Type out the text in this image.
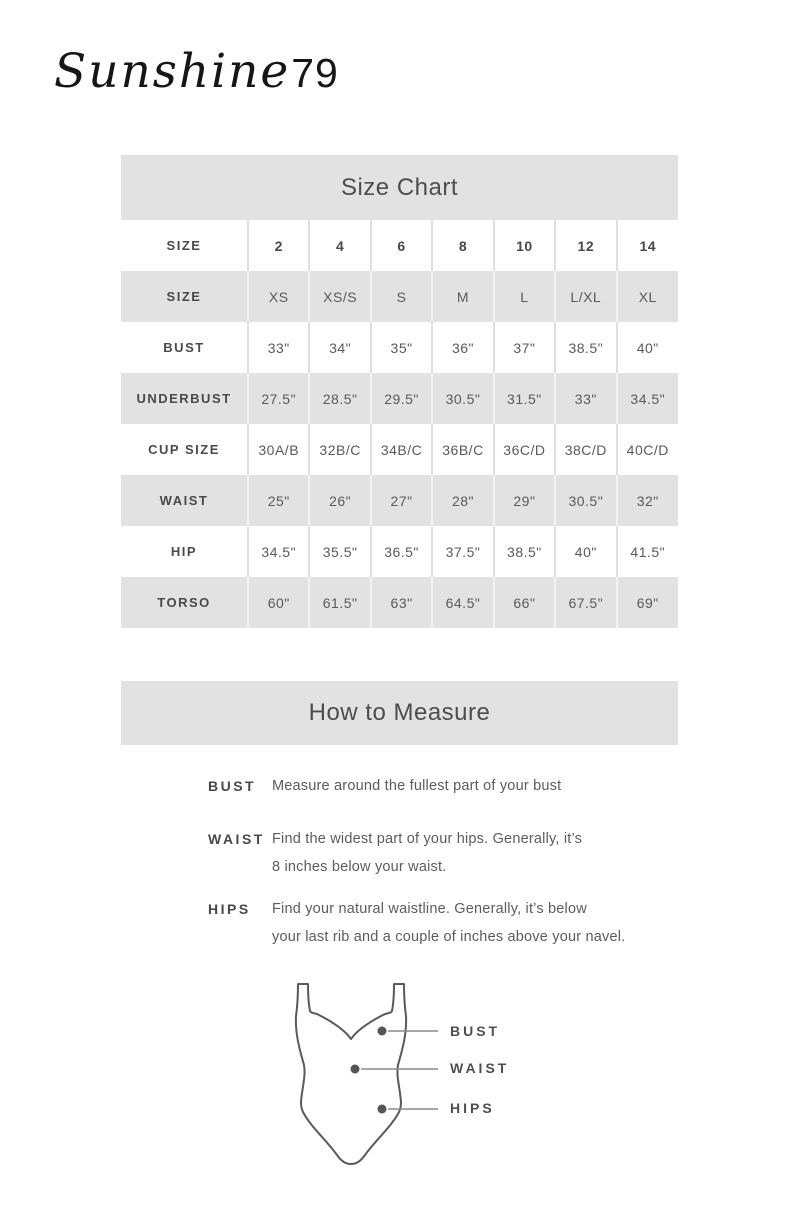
Sunshine79
Size Chart
SIZE	2	4	6	8	10	12	14
SIZE	XS	XS/S	S	M	L	L/XL	XL
BUST	33"	34"	35"	36"	37"	38.5"	40"
UNDERBUST	27.5"	28.5"	29.5"	30.5"	31.5"	33"	34.5"
CUP SIZE	30A/B	32B/C	34B/C	36B/C	36C/D	38C/D	40C/D
WAIST	25"	26"	27"	28"	29"	30.5"	32"
HIP	34.5"	35.5"	36.5"	37.5"	38.5"	40"	41.5"
TORSO	60"	61.5"	63"	64.5"	66"	67.5"	69"
How to Measure
BUST	Measure around the fullest part of your bust
WAIST Find the widest part of your hips. Generally, it’s
8 inches below your waist.
HIPS	Find your natural waistline. Generally, it’s below
your last rib and a couple of inches above your navel.
BUST
WAIST
HIPS
